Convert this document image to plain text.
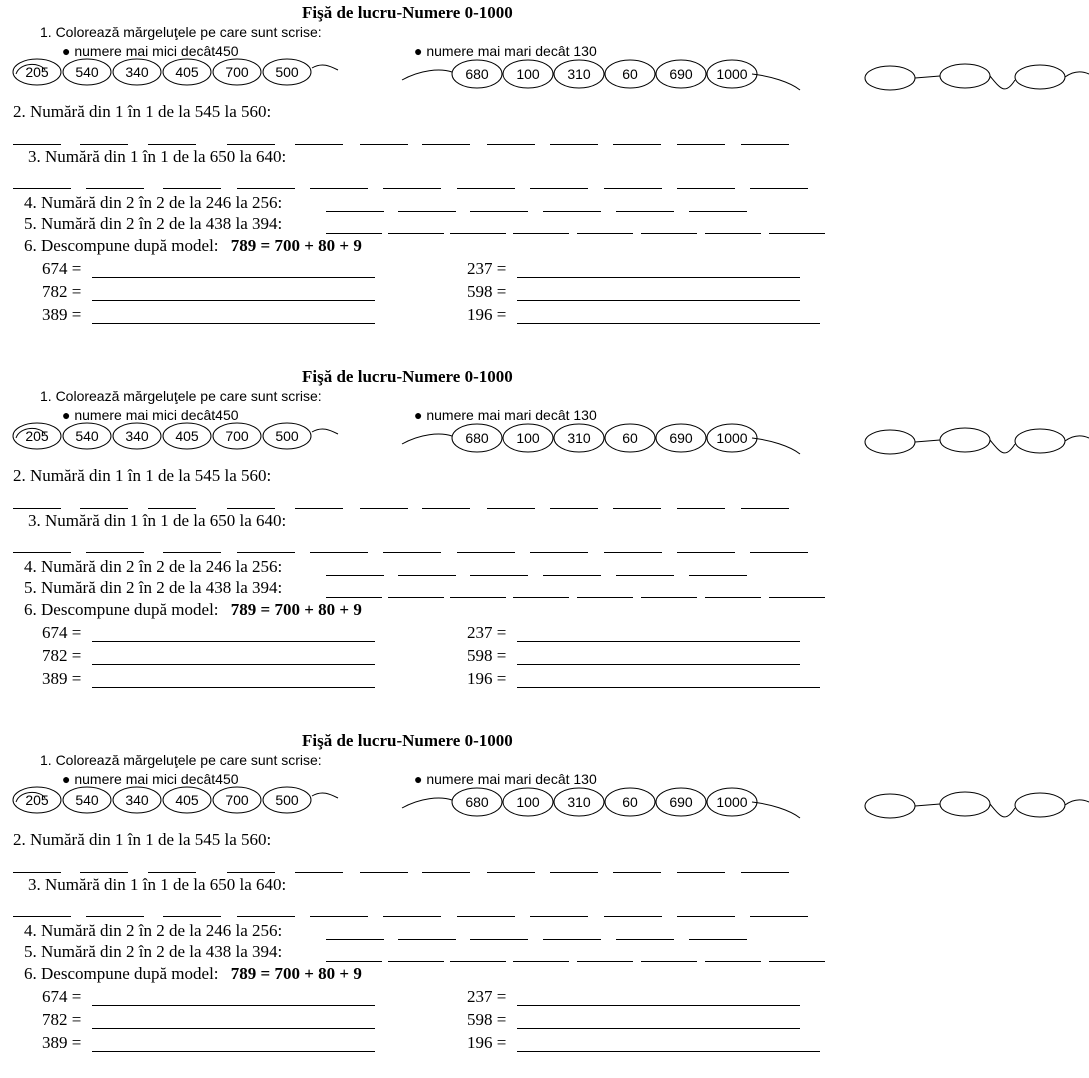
Fişă de lucru-Numere 0-1000
1. Colorează mărgeluţele pe care sunt scrise:
● numere mai mici decât450	● numere mai mari decât 130
205 540 340 405 700 500	680 100 310 60 690 1000
2. Numără din 1 în 1 de la 545 la 560:
3. Numără din 1 în 1 de la 650 la 640:
4. Numără din 2 în 2 de la 246 la 256:
5. Numără din 2 în 2 de la 438 la 394:
6. Descompune după model: 789 = 700 + 80 + 9
674 =
782 =
389 =
237 =
598 =
196 =
Fişă de lucru-Numere 0-1000
1. Colorează mărgeluţele pe care sunt scrise:
● numere mai mici decât450	● numere mai mari decât 130
205 540 340 405 700 500	680 100 310 60 690 1000
2. Numără din 1 în 1 de la 545 la 560:
3. Numără din 1 în 1 de la 650 la 640:
4. Numără din 2 în 2 de la 246 la 256:
5. Numără din 2 în 2 de la 438 la 394:
6. Descompune după model: 789 = 700 + 80 + 9
674 =
782 =
389 =
237 =
598 =
196 =
Fişă de lucru-Numere 0-1000
1. Colorează mărgeluţele pe care sunt scrise:
● numere mai mici decât450	● numere mai mari decât 130
205 540 340 405 700 500	680 100 310 60 690 1000
2. Numără din 1 în 1 de la 545 la 560:
3. Numără din 1 în 1 de la 650 la 640:
4. Numără din 2 în 2 de la 246 la 256:
5. Numără din 2 în 2 de la 438 la 394:
6. Descompune după model: 789 = 700 + 80 + 9
674 =
782 =
389 =
237 =
598 =
196 =
